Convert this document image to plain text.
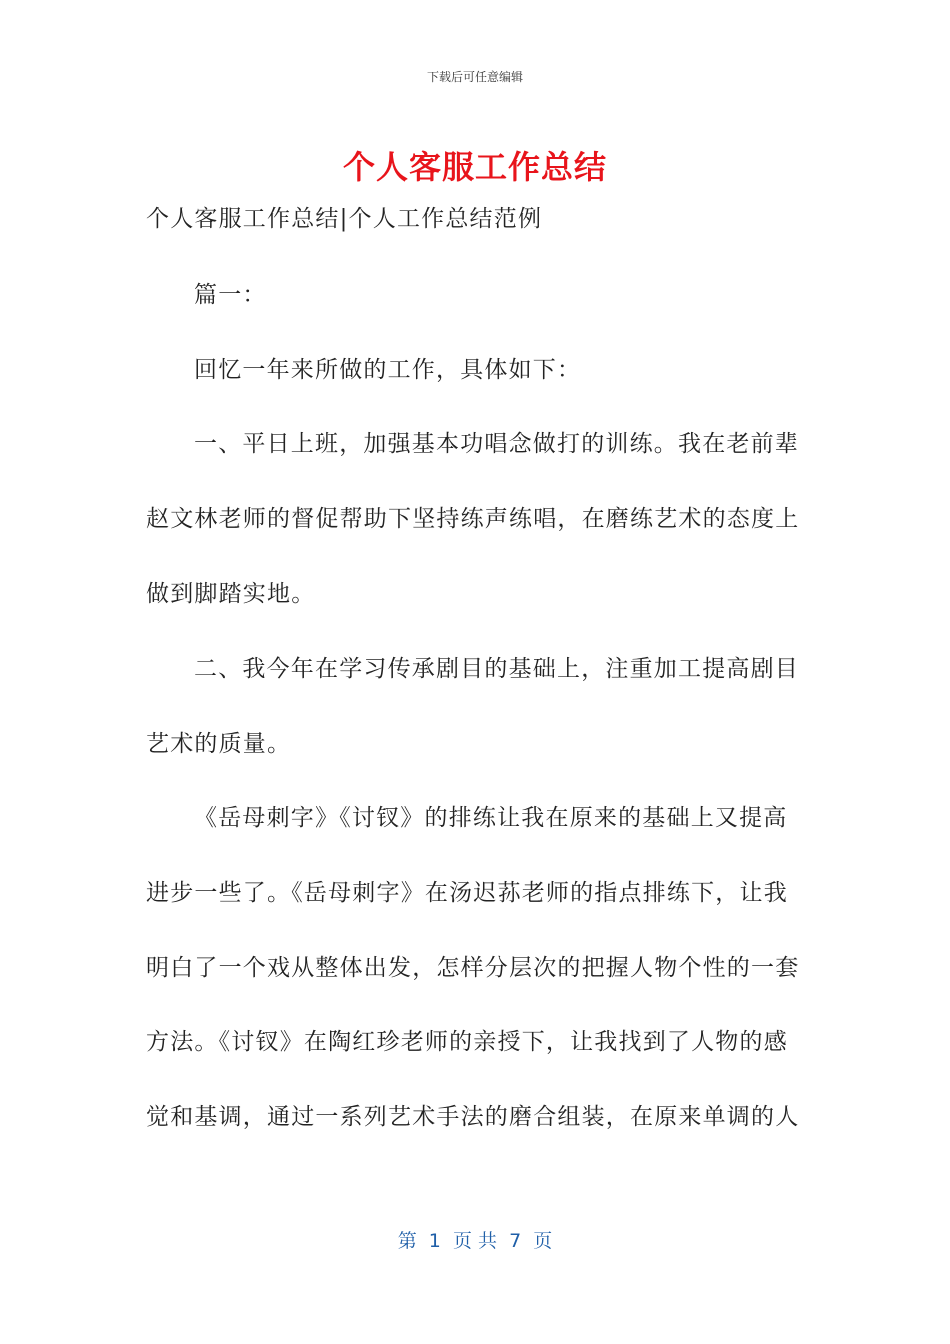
下载后可任意编辑
个人客服工作总结
个人客服工作总结|个人工作总结范例
篇一：
回忆一年来所做的工作，具体如下：
一、平日上班，加强基本功唱念做打的训练。我在老前辈
赵文林老师的督促帮助下坚持练声练唱，在磨练艺术的态度上
做到脚踏实地。
二、我今年在学习传承剧目的基础上，注重加工提高剧目
艺术的质量。
《岳母刺字》《讨钗》的排练让我在原来的基础上又提高
进步一些了。《岳母刺字》在汤迟荪老师的指点排练下，让我
明白了一个戏从整体出发，怎样分层次的把握人物个性的一套
方法。《讨钗》在陶红珍老师的亲授下，让我找到了人物的感
觉和基调，通过一系列艺术手法的磨合组装，在原来单调的人
第  1  页 共  7  页
